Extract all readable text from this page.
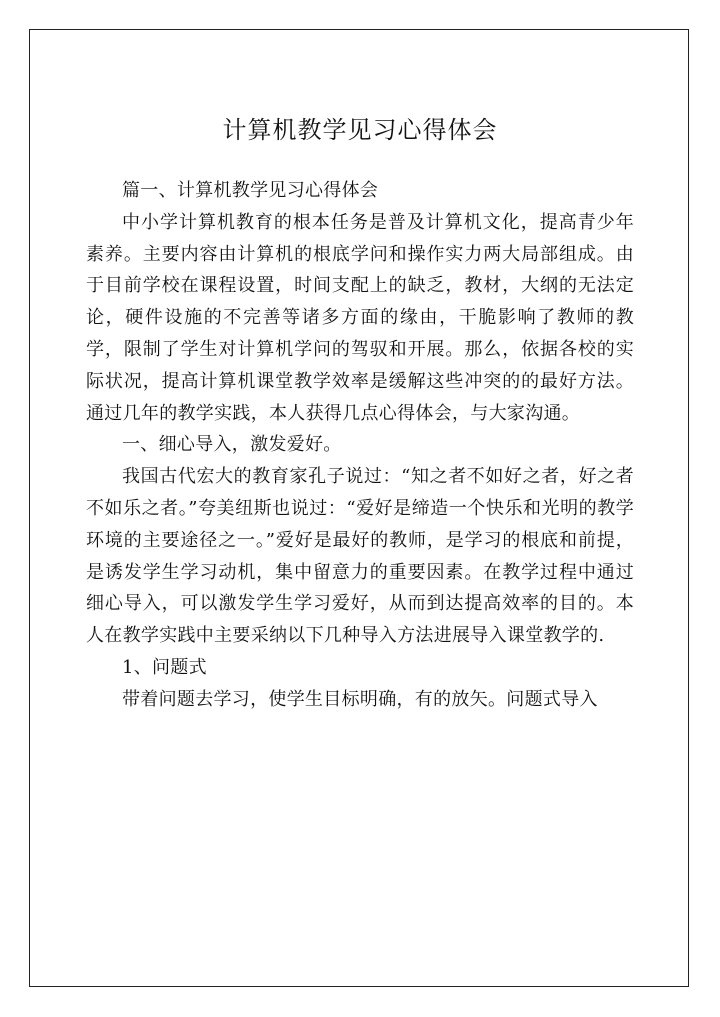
计算机教学见习心得体会

篇一、计算机教学见习心得体会

中小学计算机教育的根本任务是普及计算机文化，提高青少年素养。主要内容由计算机的根底学问和操作实力两大局部组成。由于目前学校在课程设置，时间支配上的缺乏，教材，大纲的无法定论，硬件设施的不完善等诸多方面的缘由，干脆影响了教师的教学，限制了学生对计算机学问的驾驭和开展。那么，依据各校的实际状况，提高计算机课堂教学效率是缓解这些冲突的的最好方法。通过几年的教学实践，本人获得几点心得体会，与大家沟通。

一、细心导入，激发爱好。

我国古代宏大的教育家孔子说过：“知之者不如好之者，好之者不如乐之者。”夸美纽斯也说过：“爱好是缔造一个快乐和光明的教学环境的主要途径之一。”爱好是最好的教师，是学习的根底和前提，是诱发学生学习动机，集中留意力的重要因素。在教学过程中通过细心导入，可以激发学生学习爱好，从而到达提高效率的目的。本人在教学实践中主要采纳以下几种导入方法进展导入课堂教学的.

1、问题式

带着问题去学习，使学生目标明确，有的放矢。问题式导入
